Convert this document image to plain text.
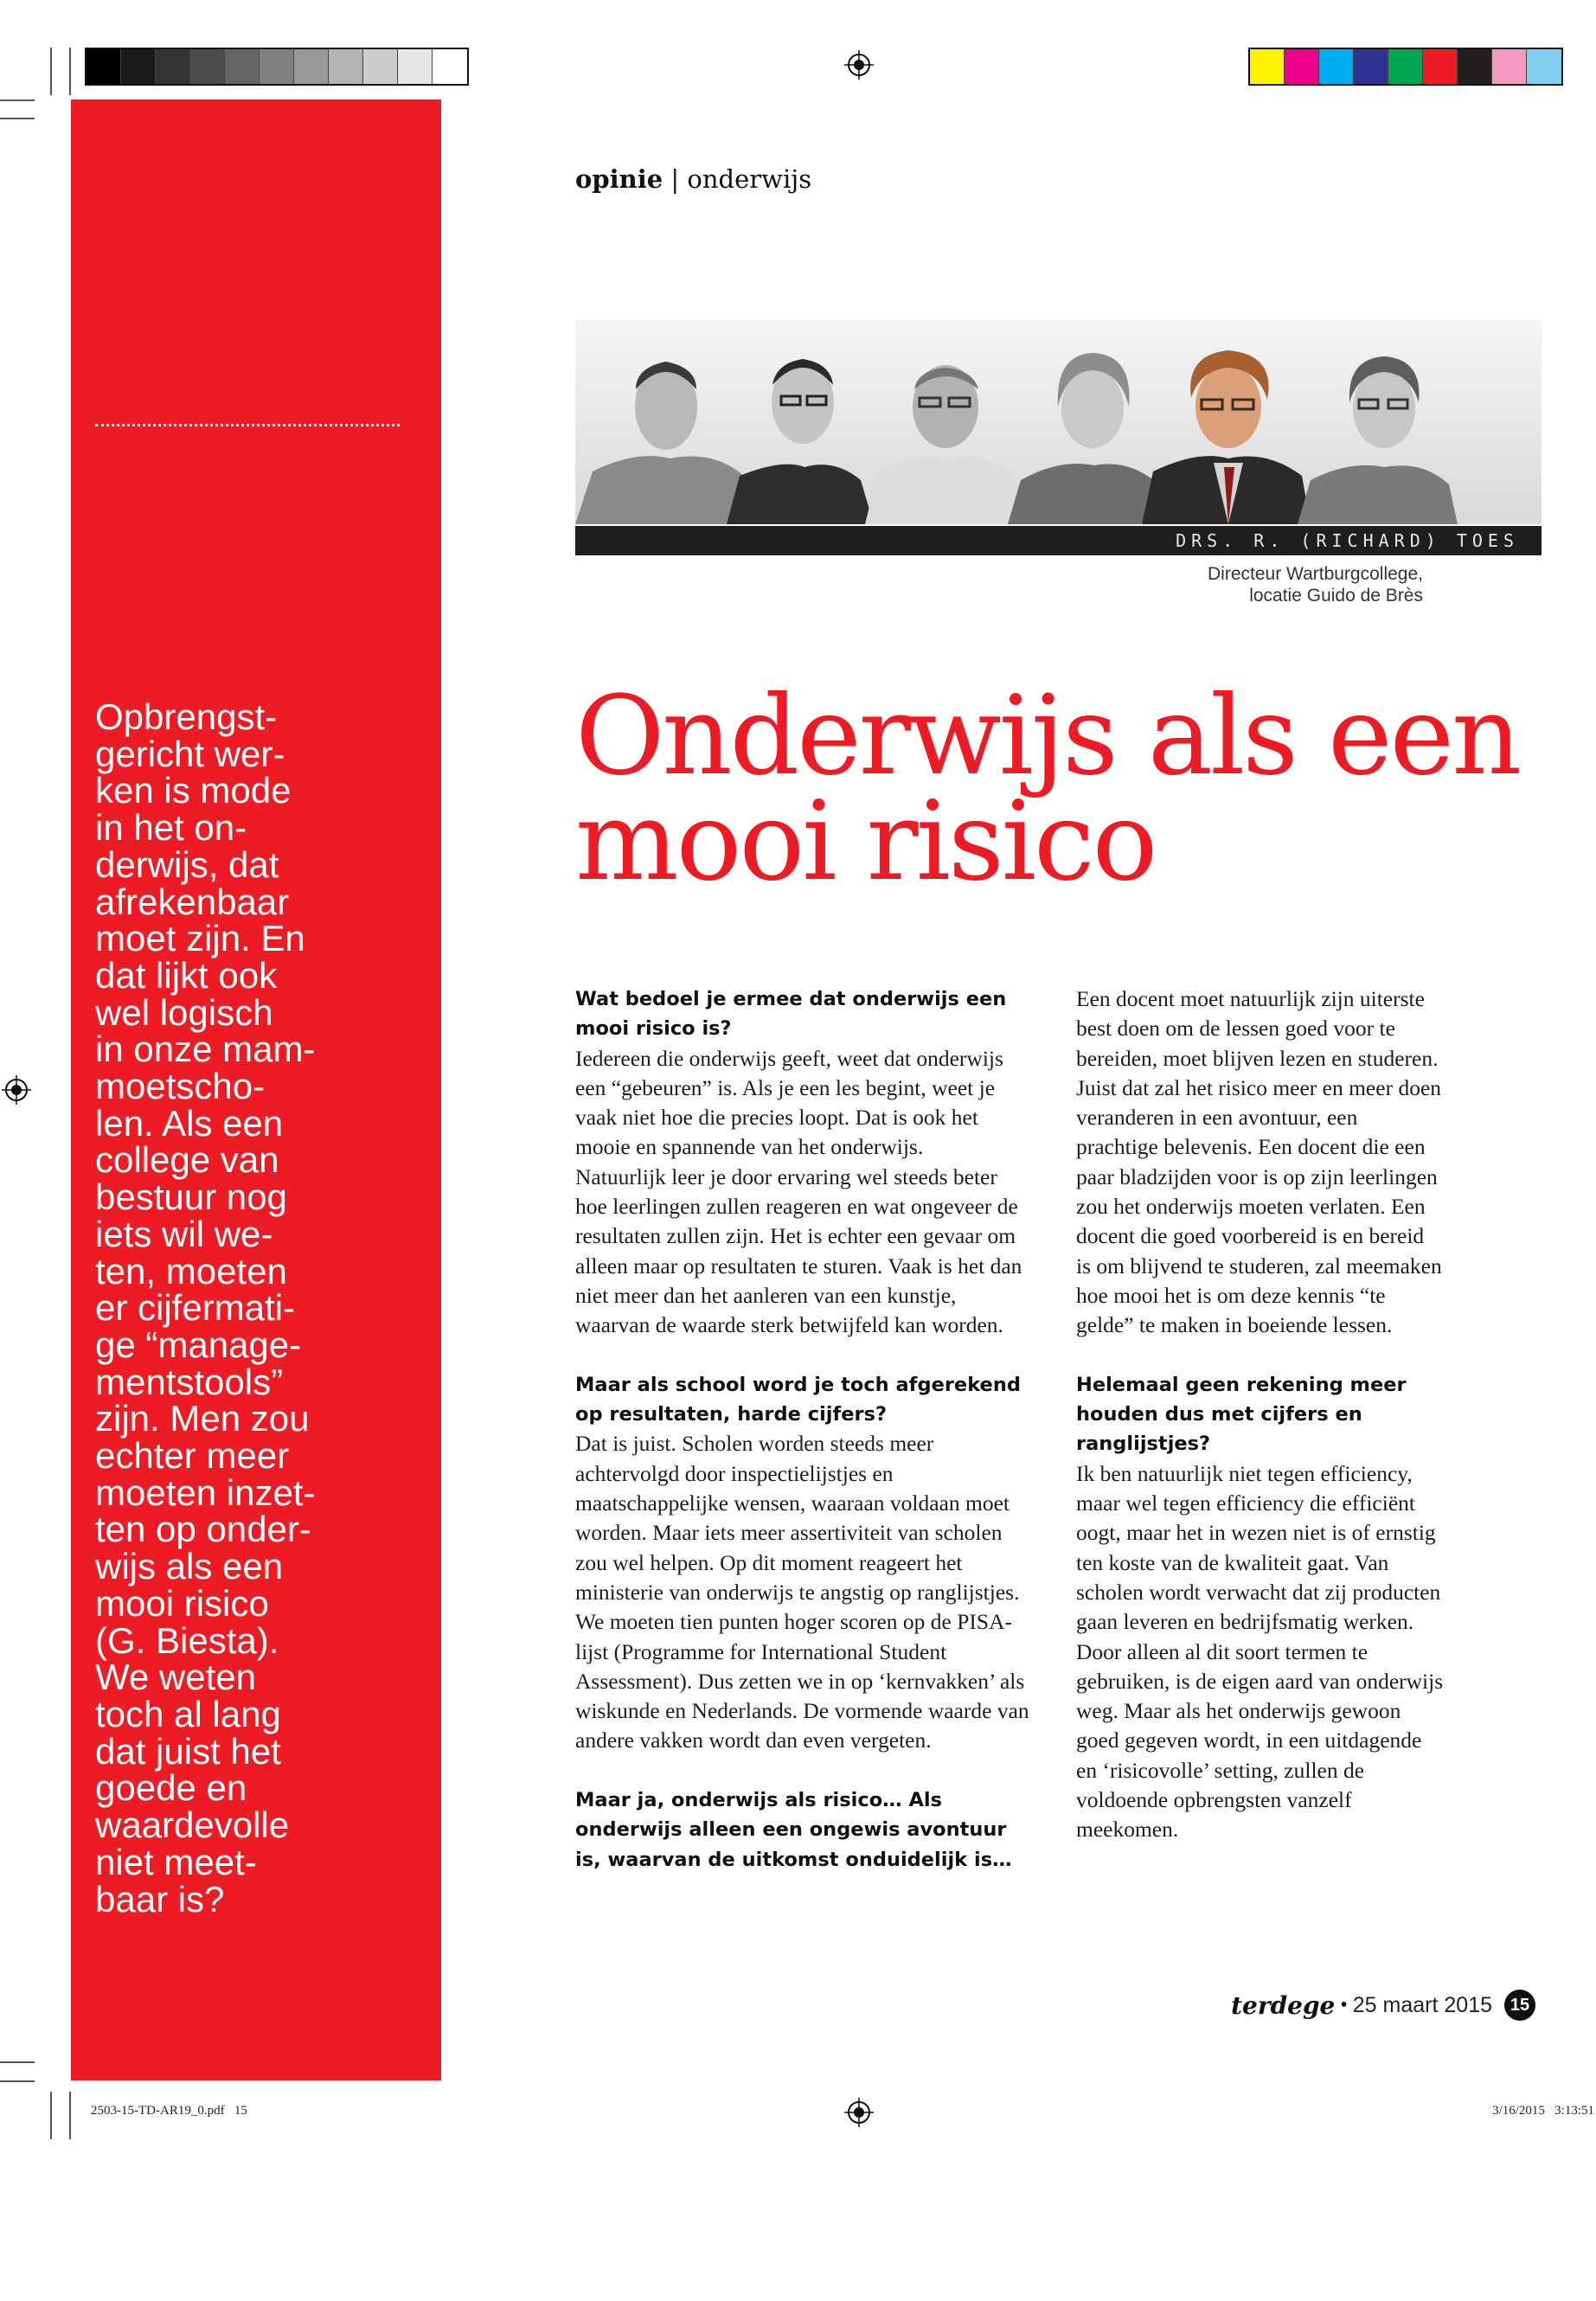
Opbrengst-
gericht wer-
ken is mode
in het on-
derwijs, dat
afrekenbaar
moet zijn. En
dat lijkt ook
wel logisch
in onze mam-
moetscho-
len. Als een
college van
bestuur nog
iets wil we-
ten, moeten
er cijfermati-
ge “manage-
mentstools”
zijn. Men zou
echter meer
moeten inzet-
ten op onder-
wijs als een
mooi risico
(G. Biesta).
We weten
toch al lang
dat juist het
goede en
waardevolle
niet meet-
baar is?

opinie | onderwijs
DRS. R. (RICHARD) TOES
Directeur Wartburgcollege,
locatie Guido de Brès
Onderwijs als een
mooi risico

Wat bedoel je ermee dat onderwijs een mooi risico is?

Iedereen die onderwijs geeft, weet dat onderwijs een “gebeuren” is. Als je een les begint, weet je vaak niet hoe die precies loopt. Dat is ook het mooie en spannende van het onderwijs.

Natuurlijk leer je door ervaring wel steeds beter hoe leerlingen zullen reageren en wat ongeveer de resultaten zullen zijn. Het is echter een gevaar om alleen maar op resultaten te sturen. Vaak is het dan niet meer dan het aanleren van een kunstje, waarvan de waarde sterk betwijfeld kan worden.

Maar als school word je toch afgerekend op resultaten, harde cijfers?

Dat is juist. Scholen worden steeds meer achtervolgd door inspectielijstjes en maatschappelijke wensen, waaraan voldaan moet worden. Maar iets meer assertiviteit van scholen zou wel helpen. Op dit moment reageert het ministerie van onderwijs te angstig op ranglijstjes. We moeten tien punten hoger scoren op de PISA-lijst (Programme for International Student Assessment). Dus zetten we in op ‘kernvakken’ als wiskunde en Nederlands. De vormende waarde van andere vakken wordt dan even vergeten.

Maar ja, onderwijs als risico… Als onderwijs alleen een ongewis avontuur is, waarvan de uitkomst onduidelijk is…

Een docent moet natuurlijk zijn uiterste best doen om de lessen goed voor te bereiden, moet blijven lezen en studeren. Juist dat zal het risico meer en meer doen veranderen in een avontuur, een prachtige belevenis. Een docent die een paar bladzijden voor is op zijn leerlingen zou het onderwijs moeten verlaten. Een docent die goed voorbereid is en bereid is om blijvend te studeren, zal meemaken hoe mooi het is om deze kennis “te gelde” te maken in boeiende lessen.

Helemaal geen rekening meer houden dus met cijfers en ranglijstjes?

Ik ben natuurlijk niet tegen efficiency, maar wel tegen efficiency die efficiënt oogt, maar het in wezen niet is of ernstig ten koste van de kwaliteit gaat. Van scholen wordt verwacht dat zij producten gaan leveren en bedrijfsmatig werken. Door alleen al dit soort termen te gebruiken, is de eigen aard van onderwijs weg. Maar als het onderwijs gewoon goed gegeven wordt, in een uitdagende en ‘risicovolle’ setting, zullen de voldoende opbrengsten vanzelf meekomen.

terdege • 25 maart 2015	15
2503-15-TD-AR19_0.pdf   15	3/16/2015   3:13:51
